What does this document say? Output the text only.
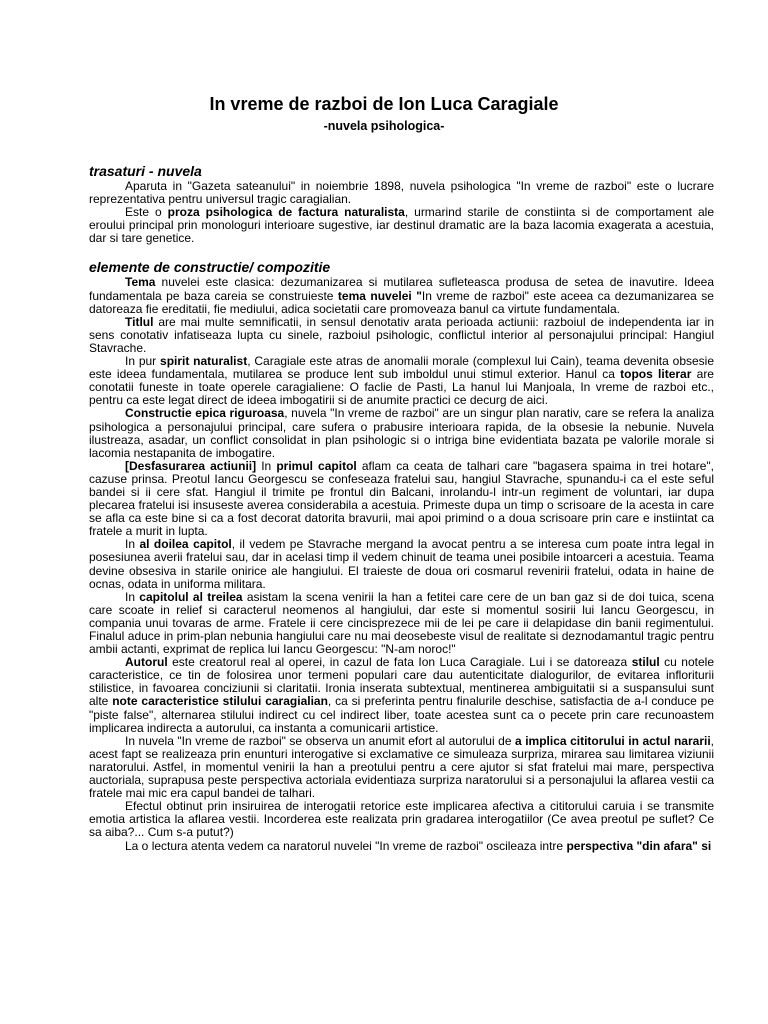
In vreme de razboi de Ion Luca Caragiale
-nuvela psihologica-
trasaturi - nuvela

Aparuta in "Gazeta sateanului" in noiembrie 1898, nuvela psihologica "In vreme de razboi" este o lucrare reprezentativa pentru universul tragic caragialian.

Este o proza psihologica de factura naturalista, urmarind starile de constiinta si de comportament ale eroului principal prin monologuri interioare sugestive, iar destinul dramatic are la baza lacomia exagerata a acestuia, dar si tare genetice.

elemente de constructie/ compozitie

Tema nuvelei este clasica: dezumanizarea si mutilarea sufleteasca produsa de setea de inavutire. Ideea fundamentala pe baza careia se construieste tema nuvelei "In vreme de razboi" este aceea ca dezumanizarea se datoreaza fie ereditatii, fie mediului, adica societatii care promoveaza banul ca virtute fundamentala.

Titlul are mai multe semnificatii, in sensul denotativ arata perioada actiunii: razboiul de independenta iar in sens conotativ infatiseaza lupta cu sinele, razboiul psihologic, conflictul interior al personajului principal: Hangiul Stavrache.

In pur spirit naturalist, Caragiale este atras de anomalii morale (complexul lui Cain), teama devenita obsesie este ideea fundamentala, mutilarea se produce lent sub imboldul unui stimul exterior. Hanul ca topos literar are conotatii funeste in toate operele caragialiene: O faclie de Pasti, La hanul lui Manjoala, In vreme de razboi etc., pentru ca este legat direct de ideea imbogatirii si de anumite practici ce decurg de aici.

Constructie epica riguroasa, nuvela "In vreme de razboi" are un singur plan narativ, care se refera la analiza psihologica a personajului principal, care sufera o prabusire interioara rapida, de la obsesie la nebunie. Nuvela ilustreaza, asadar, un conflict consolidat in plan psihologic si o intriga bine evidentiata bazata pe valorile morale si lacomia nestapanita de imbogatire.

[Desfasurarea actiunii] In primul capitol aflam ca ceata de talhari care "bagasera spaima in trei hotare", cazuse prinsa. Preotul Iancu Georgescu se confeseaza fratelui sau, hangiul Stavrache, spunandu-i ca el este seful bandei si ii cere sfat. Hangiul il trimite pe frontul din Balcani, inrolandu-l intr-un regiment de voluntari, iar dupa plecarea fratelui isi insuseste averea considerabila a acestuia. Primeste dupa un timp o scrisoare de la acesta in care se afla ca este bine si ca a fost decorat datorita bravurii, mai apoi primind o a doua scrisoare prin care e instiintat ca fratele a murit in lupta.

In al doilea capitol, il vedem pe Stavrache mergand la avocat pentru a se interesa cum poate intra legal in posesiunea averii fratelui sau, dar in acelasi timp il vedem chinuit de teama unei posibile intoarceri a acestuia. Teama devine obsesiva in starile onirice ale hangiului. El traieste de doua ori cosmarul revenirii fratelui, odata in haine de ocnas, odata in uniforma militara.

In capitolul al treilea asistam la scena venirii la han a fetitei care cere de un ban gaz si de doi tuica, scena care scoate in relief si caracterul neomenos al hangiului, dar este si momentul sosirii lui Iancu Georgescu, in compania unui tovaras de arme. Fratele ii cere cincisprezece mii de lei pe care ii delapidase din banii regimentului. Finalul aduce in prim-plan nebunia hangiului care nu mai deosebeste visul de realitate si deznodamantul tragic pentru ambii actanti, exprimat de replica lui Iancu Georgescu: "N-am noroc!"

Autorul este creatorul real al operei, in cazul de fata Ion Luca Caragiale. Lui i se datoreaza stilul cu notele caracteristice, ce tin de folosirea unor termeni populari care dau autenticitate dialogurilor, de evitarea infloriturii stilistice, in favoarea conciziunii si claritatii. Ironia inserata subtextual, mentinerea ambiguitatii si a suspansului sunt alte note caracteristice stilului caragialian, ca si preferinta pentru finalurile deschise, satisfactia de a-l conduce pe "piste false", alternarea stilului indirect cu cel indirect liber, toate acestea sunt ca o pecete prin care recunoastem implicarea indirecta a autorului, ca instanta a comunicarii artistice.

In nuvela "In vreme de razboi" se observa un anumit efort al autorului de a implica cititorului in actul nararii, acest fapt se realizeaza prin enunturi interogative si exclamative ce simuleaza surpriza, mirarea sau limitarea viziunii naratorului. Astfel, in momentul venirii la han a preotului pentru a cere ajutor si sfat fratelui mai mare, perspectiva auctoriala, suprapusa peste perspectiva actoriala evidentiaza surpriza naratorului si a personajului la aflarea vestii ca fratele mai mic era capul bandei de talhari.

Efectul obtinut prin insiruirea de interogatii retorice este implicarea afectiva a cititorului caruia i se transmite emotia artistica la aflarea vestii. Incorderea este realizata prin gradarea interogatiilor (Ce avea preotul pe suflet? Ce sa aiba?... Cum s-a putut?)

La o lectura atenta vedem ca naratorul nuvelei "In vreme de razboi" oscileaza intre perspectiva "din afara" si
